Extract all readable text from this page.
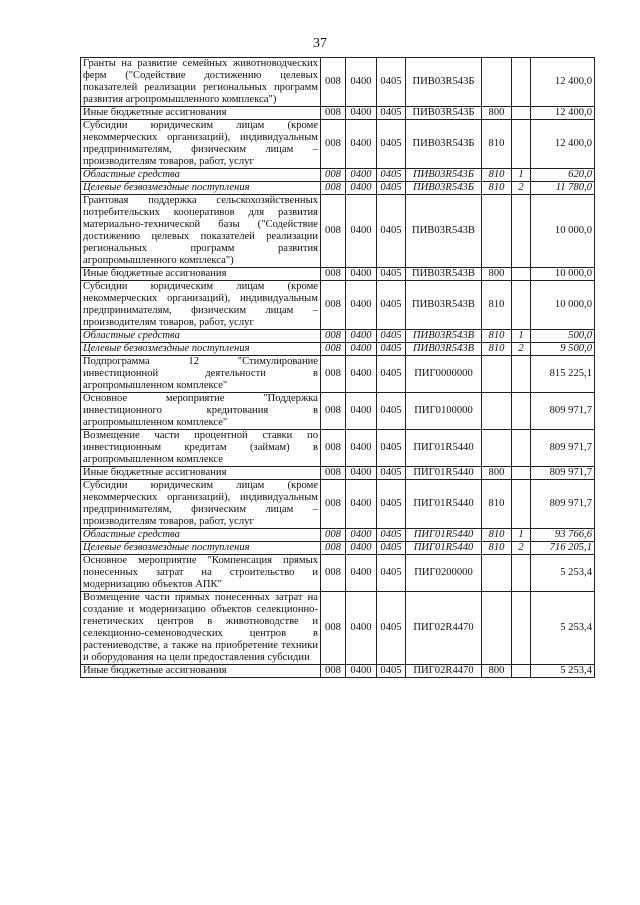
37
Гранты на развитие семейных животноводческих ферм ("Содействие достижению целевых показателей реализации региональных программ развития агропромышленного комплекса")	008	0400	0405	ПИВ03R543Б			12 400,0
Иные бюджетные ассигнования	008	0400	0405	ПИВ03R543Б	800		12 400,0
Субсидии юридическим лицам (кроме некоммерческих организаций), индивидуальным предпринимателям, физическим лицам – производителям товаров, работ, услуг	008	0400	0405	ПИВ03R543Б	810		12 400,0
Областные средства	008	0400	0405	ПИВ03R543Б	810	1	620,0
Целевые безвозмездные поступления	008	0400	0405	ПИВ03R543Б	810	2	11 780,0
Грантовая поддержка сельскохозяйственных потребительских кооперативов для развития материально-технической базы ("Содействие достижению целевых показателей реализации региональных программ развития агропромышленного комплекса")	008	0400	0405	ПИВ03R543В			10 000,0
Иные бюджетные ассигнования	008	0400	0405	ПИВ03R543В	800		10 000,0
Субсидии юридическим лицам (кроме некоммерческих организаций), индивидуальным предпринимателям, физическим лицам – производителям товаров, работ, услуг	008	0400	0405	ПИВ03R543В	810		10 000,0
Областные средства	008	0400	0405	ПИВ03R543В	810	1	500,0
Целевые безвозмездные поступления	008	0400	0405	ПИВ03R543В	810	2	9 500,0
Подпрограмма 12 "Стимулирование инвестиционной деятельности в агропромышленном комплексе"	008	0400	0405	ПИГ0000000			815 225,1
Основное мероприятие "Поддержка инвестиционного кредитования в агропромышленном комплексе"	008	0400	0405	ПИГ0100000			809 971,7
Возмещение части процентной ставки по инвестиционным кредитам (займам) в агропромышленном комплексе	008	0400	0405	ПИГ01R5440			809 971,7
Иные бюджетные ассигнования	008	0400	0405	ПИГ01R5440	800		809 971,7
Субсидии юридическим лицам (кроме некоммерческих организаций), индивидуальным предпринимателям, физическим лицам – производителям товаров, работ, услуг	008	0400	0405	ПИГ01R5440	810		809 971,7
Областные средства	008	0400	0405	ПИГ01R5440	810	1	93 766,6
Целевые безвозмездные поступления	008	0400	0405	ПИГ01R5440	810	2	716 205,1
Основное мероприятие "Компенсация прямых понесенных затрат на строительство и модернизацию объектов АПК"	008	0400	0405	ПИГ0200000			5 253,4
Возмещение части прямых понесенных затрат на создание и модернизацию объектов селекционно-генетических центров в животноводстве и селекционно-семеноводческих центров в растениеводстве, а также на приобретение техники и оборудования на цели предоставления субсидии	008	0400	0405	ПИГ02R4470			5 253,4
Иные бюджетные ассигнования	008	0400	0405	ПИГ02R4470	800		5 253,4
